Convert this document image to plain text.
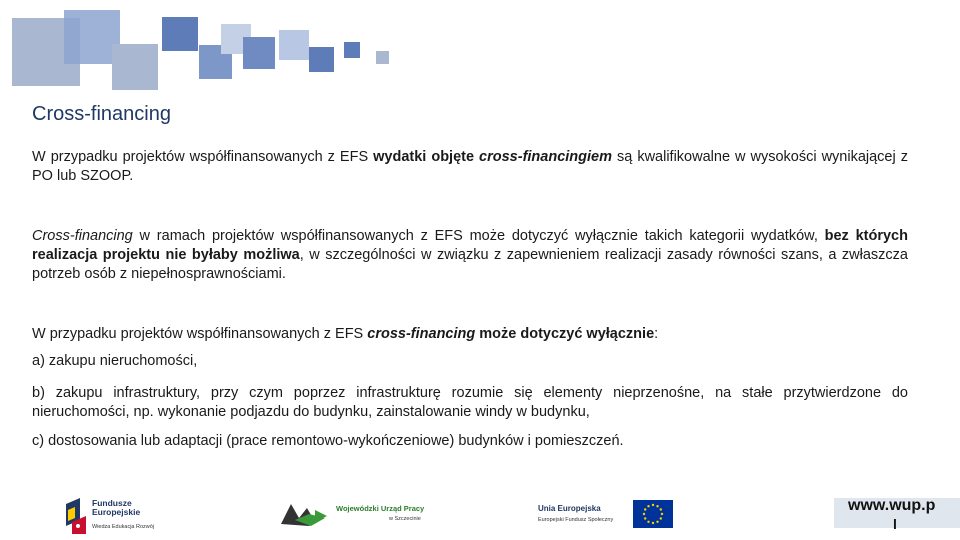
Cross-financing
W przypadku projektów współfinansowanych z EFS wydatki objęte cross-financingiem są kwalifikowalne w wysokości wynikającej z PO lub SZOOP.
Cross-financing w ramach projektów współfinansowanych z EFS może dotyczyć wyłącznie takich kategorii wydatków, bez których realizacja projektu nie byłaby możliwa, w szczególności w związku z zapewnieniem realizacji zasady równości szans, a zwłaszcza potrzeb osób z niepełnosprawnościami.
W przypadku projektów współfinansowanych z EFS cross-financing może dotyczyć wyłącznie:
a) zakupu nieruchomości,
b) zakupu infrastruktury, przy czym poprzez infrastrukturę rozumie się elementy nieprzenośne, na stałe przytwierdzone do nieruchomości, np. wykonanie podjazdu do budynku, zainstalowanie windy w budynku,
c) dostosowania lub adaptacji (prace remontowo-wykończeniowe) budynków i pomieszczeń.
Fundusze Europejskie
Wiedza Edukacja Rozwój
Wojewódzki Urząd Pracy
w Szczecinie
Unia Europejska
Europejski Fundusz Społeczny
www.wup.p
l
